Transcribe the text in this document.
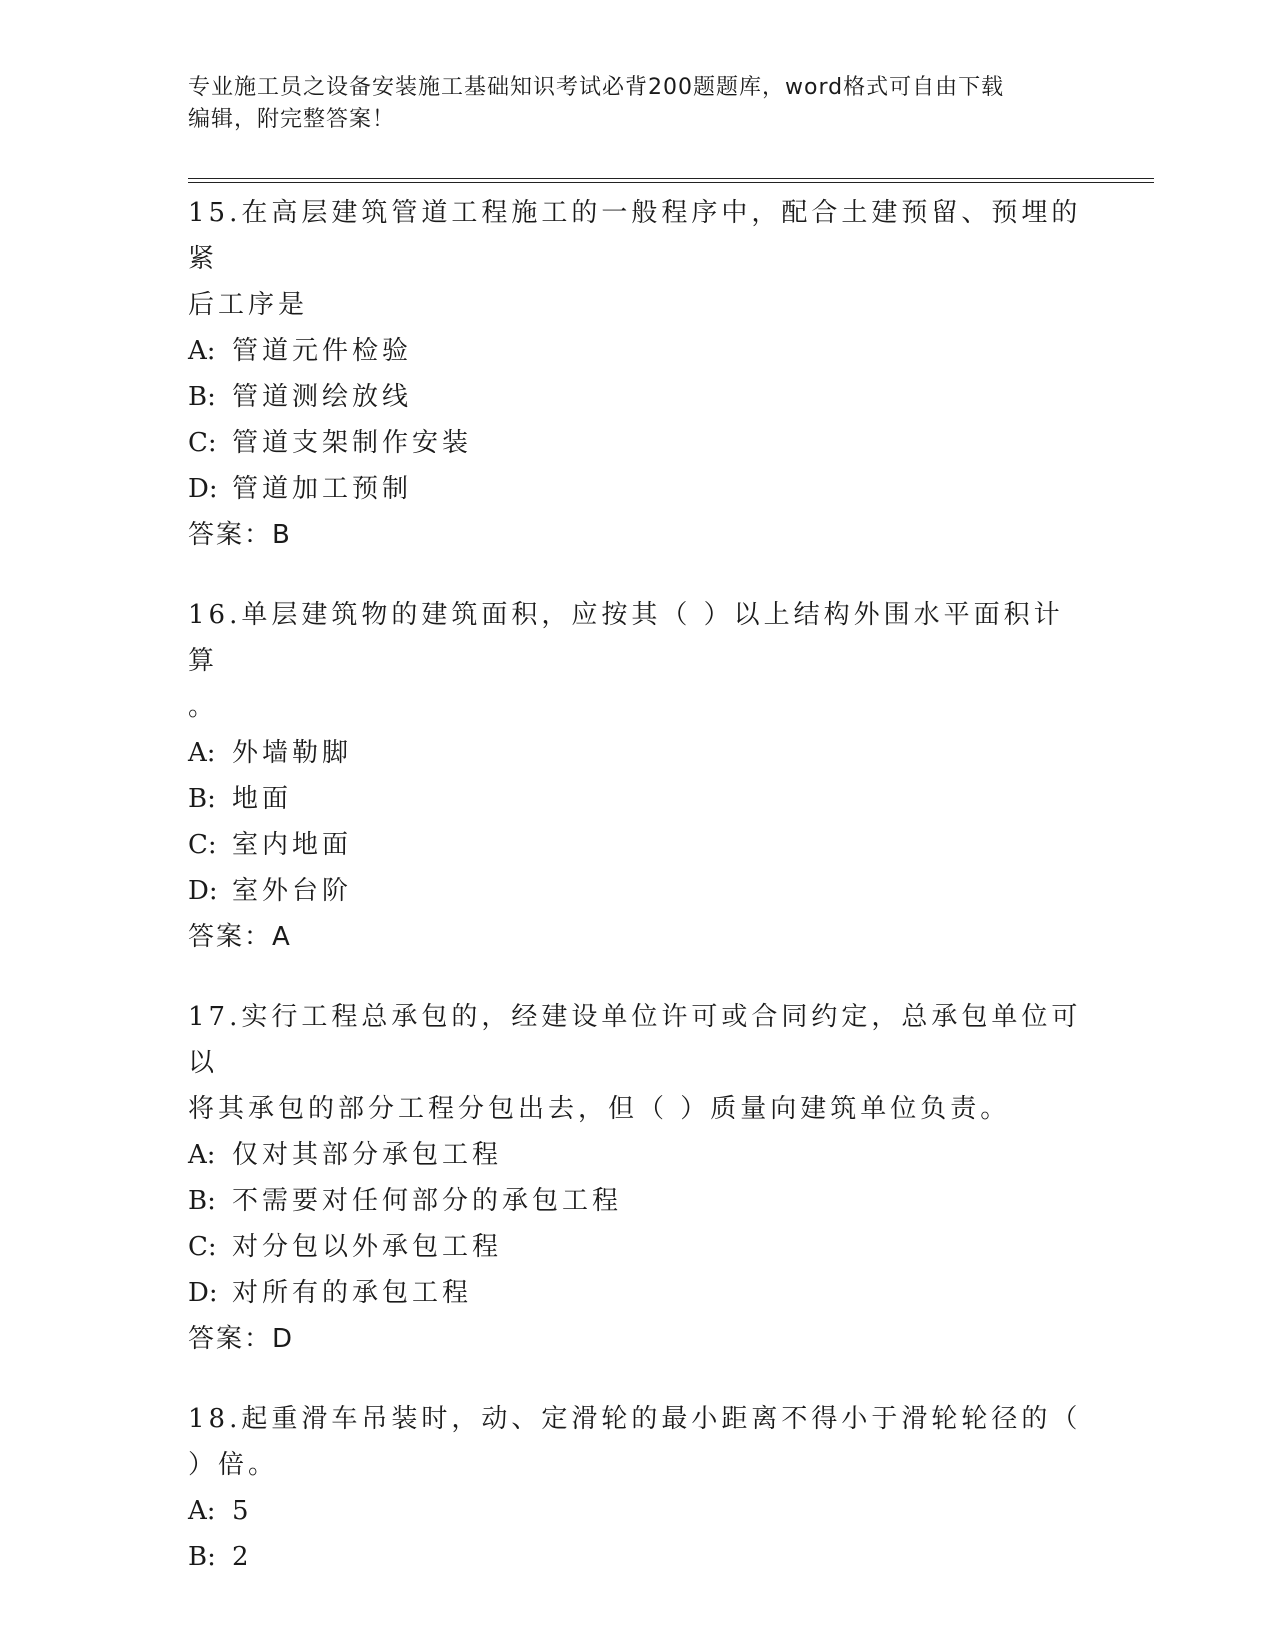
专业施工员之设备安装施工基础知识考试必背200题题库，word格式可自由下载
编辑，附完整答案！

15.在高层建筑管道工程施工的一般程序中，配合土建预留、预埋的紧

后工序是

A: 管道元件检验

B: 管道测绘放线

C: 管道支架制作安装

D: 管道加工预制

答案：B

16.单层建筑物的建筑面积，应按其（ ）以上结构外围水平面积计算

。

A: 外墙勒脚

B: 地面

C: 室内地面

D: 室外台阶

答案：A

17.实行工程总承包的，经建设单位许可或合同约定，总承包单位可以

将其承包的部分工程分包出去，但（ ）质量向建筑单位负责。

A: 仅对其部分承包工程

B: 不需要对任何部分的承包工程

C: 对分包以外承包工程

D: 对所有的承包工程

答案：D

18.起重滑车吊装时，动、定滑轮的最小距离不得小于滑轮轮径的（

）倍。

A: 5

B: 2
